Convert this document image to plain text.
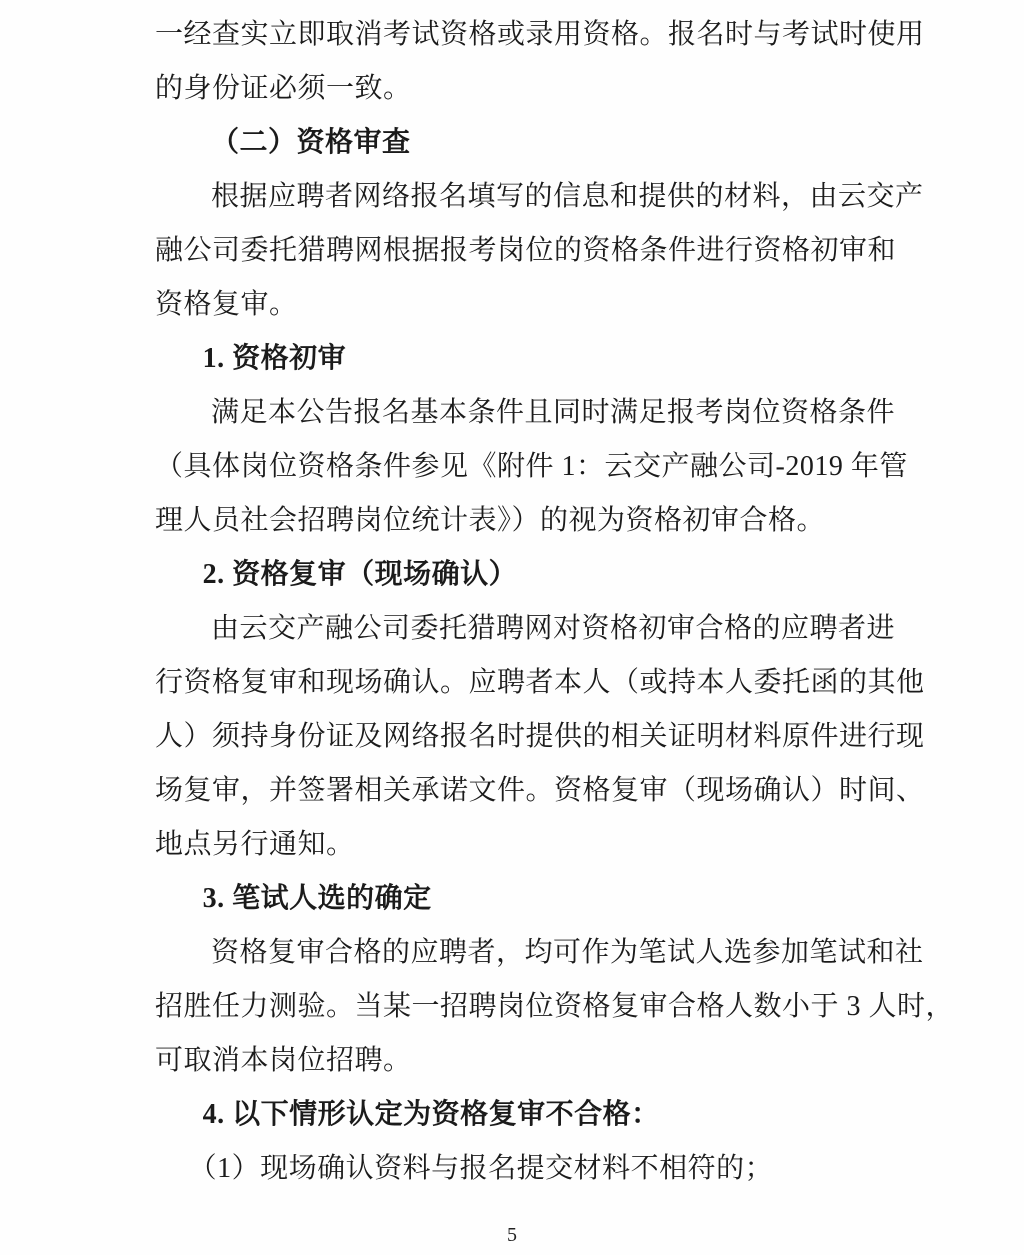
一经查实立即取消考试资格或录用资格。报名时与考试时使用

的身份证必须一致。

（二）资格审查

根据应聘者网络报名填写的信息和提供的材料，由云交产

融公司委托猎聘网根据报考岗位的资格条件进行资格初审和

资格复审。

1. 资格初审

满足本公告报名基本条件且同时满足报考岗位资格条件

（具体岗位资格条件参见《附件 1：云交产融公司-2019 年管

理人员社会招聘岗位统计表》）的视为资格初审合格。

2. 资格复审（现场确认）

由云交产融公司委托猎聘网对资格初审合格的应聘者进

行资格复审和现场确认。应聘者本人（或持本人委托函的其他

人）须持身份证及网络报名时提供的相关证明材料原件进行现

场复审，并签署相关承诺文件。资格复审（现场确认）时间、

地点另行通知。

3. 笔试人选的确定

资格复审合格的应聘者，均可作为笔试人选参加笔试和社

招胜任力测验。当某一招聘岗位资格复审合格人数小于 3 人时，

可取消本岗位招聘。

4. 以下情形认定为资格复审不合格：

（1）现场确认资料与报名提交材料不相符的；

5
